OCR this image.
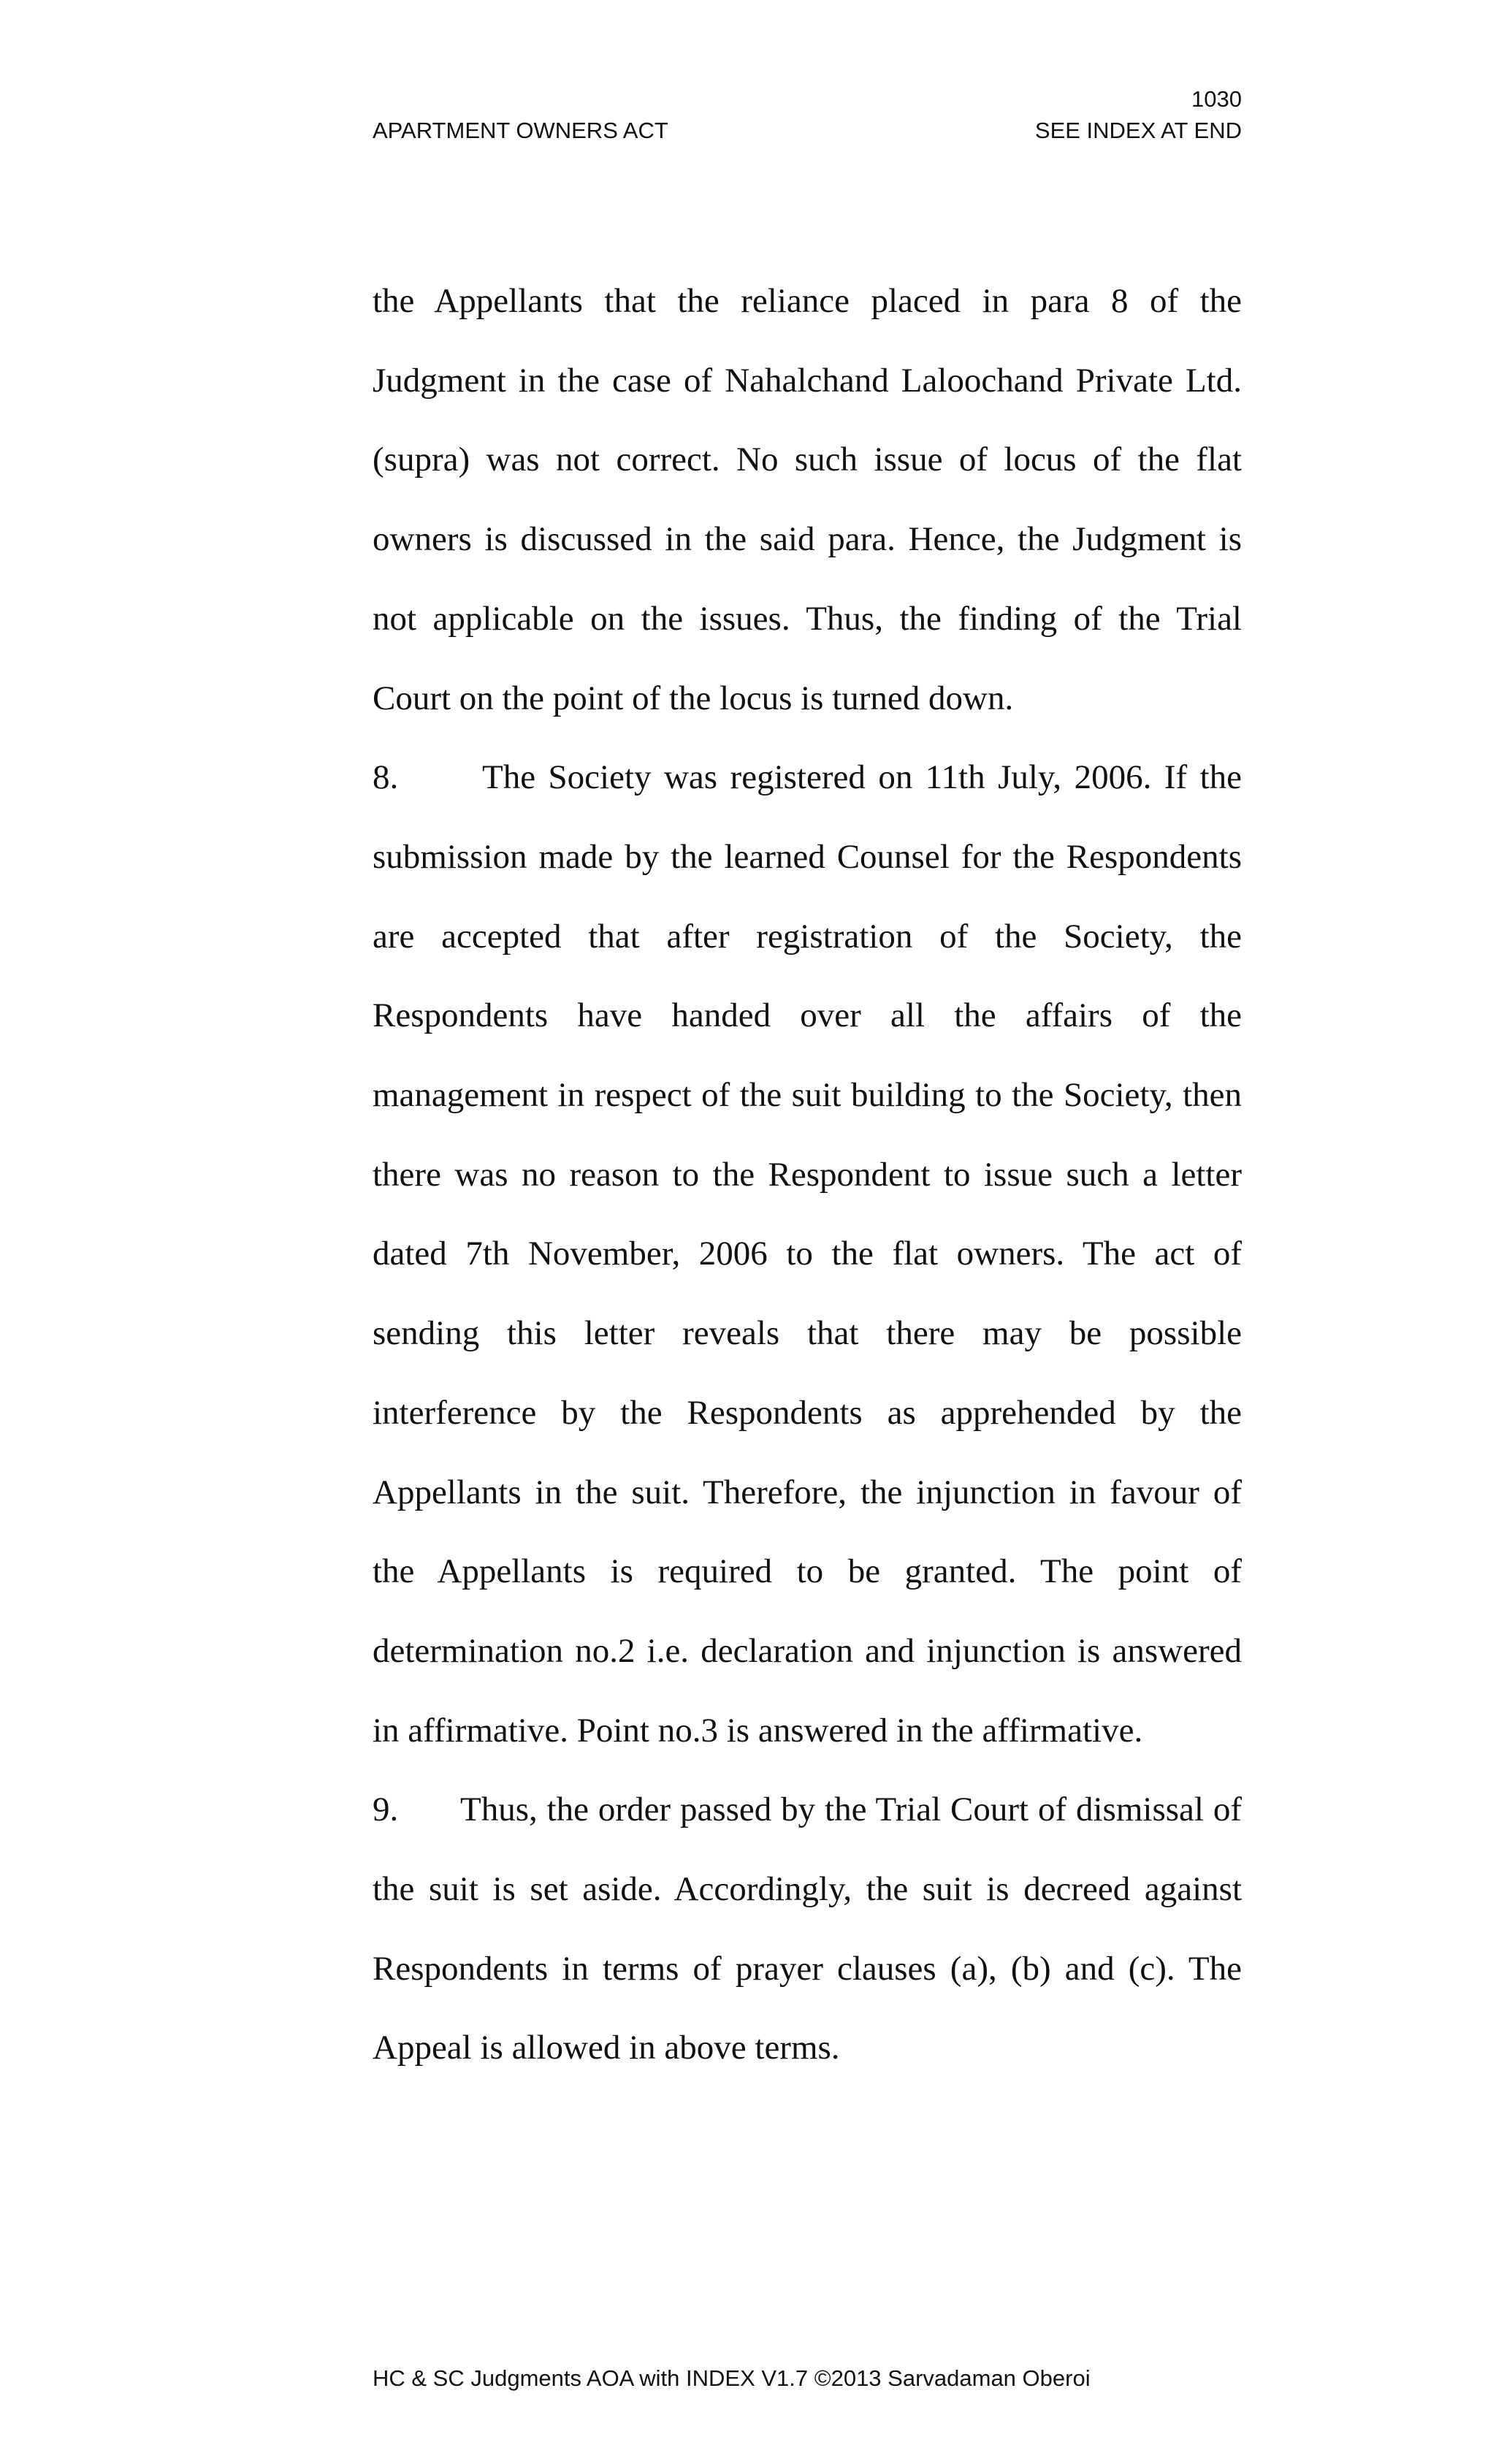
1030
APARTMENT OWNERS ACT	SEE INDEX AT END

the Appellants that the reliance placed in para 8 of the Judgment in the case of Nahalchand Laloochand Private Ltd. (supra) was not correct. No such issue of locus of the flat owners is discussed in the said para. Hence, the Judgment is not applicable on the issues. Thus, the finding of the Trial Court on the point of the locus is turned down.

8. The Society was registered on 11th July, 2006. If the submission made by the learned Counsel for the Respondents are accepted that after registration of the Society, the Respondents have handed over all the affairs of the management in respect of the suit building to the Society, then there was no reason to the Respondent to issue such a letter dated 7th November, 2006 to the flat owners. The act of sending this letter reveals that there may be possible interference by the Respondents as apprehended by the Appellants in the suit. Therefore, the injunction in favour of the Appellants is required to be granted. The point of determination no.2 i.e. declaration and injunction is answered in affirmative. Point no.3 is answered in the affirmative.

9. Thus, the order passed by the Trial Court of dismissal of the suit is set aside. Accordingly, the suit is decreed against Respondents in terms of prayer clauses (a), (b) and (c). The Appeal is allowed in above terms.

HC & SC Judgments AOA with INDEX V1.7 ©2013 Sarvadaman Oberoi
